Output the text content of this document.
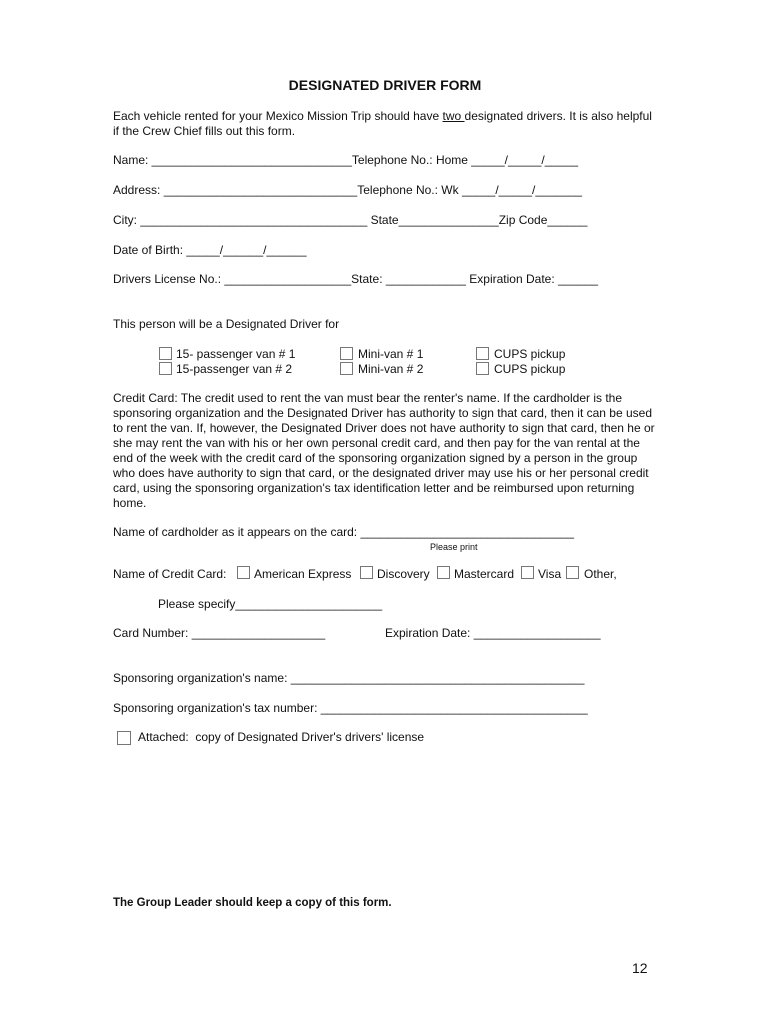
DESIGNATED DRIVER FORM
Each vehicle rented for your Mexico Mission Trip should have two designated drivers. It is also helpful if the Crew Chief fills out this form.
Name: ______________________________Telephone No.: Home _____/_____/_____
Address: _____________________________Telephone No.: Wk _____/_____/_______
City: __________________________________ State_______________Zip Code______
Date of Birth: _____/______/______
Drivers License No.: ___________________State: ____________ Expiration Date: ______
This person will be a Designated Driver for
15- passenger van # 1
15-passenger van # 2
Mini-van # 1
Mini-van # 2
CUPS pickup
CUPS pickup
Credit Card: The credit used to rent the van must bear the renter's name. If the cardholder is the sponsoring organization and the Designated Driver has authority to sign that card, then it can be used to rent the van. If, however, the Designated Driver does not have authority to sign that card, then he or she may rent the van with his or her own personal credit card, and then pay for the van rental at the end of the week with the credit card of the sponsoring organization signed by a person in the group who does have authority to sign that card, or the designated driver may use his or her personal credit card, using the sponsoring organization's tax identification letter and be reimbursed upon returning home.
Name of cardholder as it appears on the card: ________________________________
Please print
Name of Credit Card: American Express Discovery Mastercard Visa Other,
Please specify______________________
Card Number: ____________________	Expiration Date: ___________________
Sponsoring organization's name: ____________________________________________
Sponsoring organization's tax number: ________________________________________
Attached:  copy of Designated Driver's drivers' license
The Group Leader should keep a copy of this form.
12
